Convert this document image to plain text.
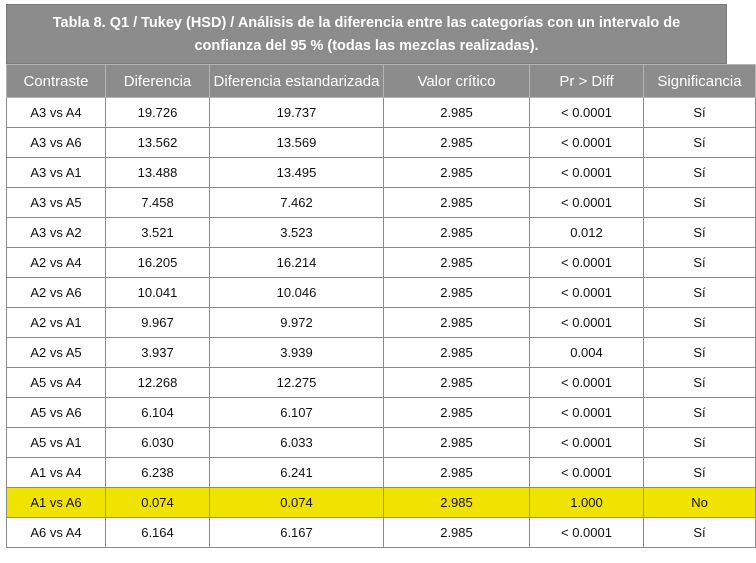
Tabla 8. Q1 / Tukey (HSD) / Análisis de la diferencia entre las categorías con un intervalo de
confianza del 95 % (todas las mezclas realizadas).
Contraste	Diferencia	Diferencia estandarizada	Valor crítico	Pr > Diff	Significancia
A3 vs A4	19.726	19.737	2.985	< 0.0001	Sí
A3 vs A6	13.562	13.569	2.985	< 0.0001	Sí
A3 vs A1	13.488	13.495	2.985	< 0.0001	Sí
A3 vs A5	7.458	7.462	2.985	< 0.0001	Sí
A3 vs A2	3.521	3.523	2.985	0.012	Sí
A2 vs A4	16.205	16.214	2.985	< 0.0001	Sí
A2 vs A6	10.041	10.046	2.985	< 0.0001	Sí
A2 vs A1	9.967	9.972	2.985	< 0.0001	Sí
A2 vs A5	3.937	3.939	2.985	0.004	Sí
A5 vs A4	12.268	12.275	2.985	< 0.0001	Sí
A5 vs A6	6.104	6.107	2.985	< 0.0001	Sí
A5 vs A1	6.030	6.033	2.985	< 0.0001	Sí
A1 vs A4	6.238	6.241	2.985	< 0.0001	Sí
A1 vs A6	0.074	0.074	2.985	1.000	No
A6 vs A4	6.164	6.167	2.985	< 0.0001	Sí
